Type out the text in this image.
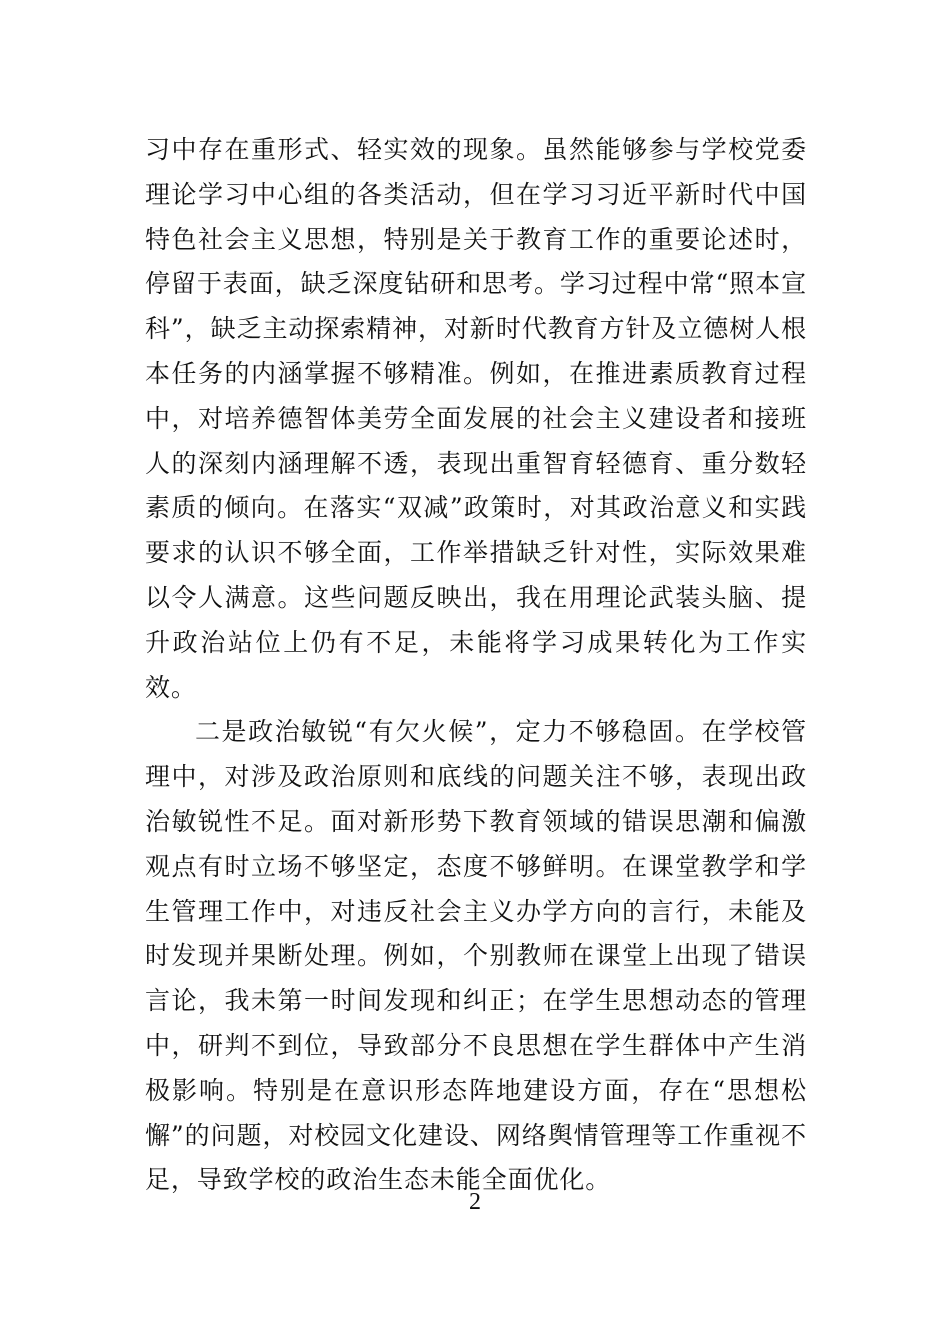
习中存在重形式、轻实效的现象。虽然能够参与学校党委理论学习中心组的各类活动，但在学习习近平新时代中国特色社会主义思想，特别是关于教育工作的重要论述时，停留于表面，缺乏深度钻研和思考。学习过程中常“照本宣科”，缺乏主动探索精神，对新时代教育方针及立德树人根本任务的内涵掌握不够精准。例如，在推进素质教育过程中，对培养德智体美劳全面发展的社会主义建设者和接班人的深刻内涵理解不透，表现出重智育轻德育、重分数轻素质的倾向。在落实“双减”政策时，对其政治意义和实践要求的认识不够全面，工作举措缺乏针对性，实际效果难以令人满意。这些问题反映出，我在用理论武装头脑、提升政治站位上仍有不足，未能将学习成果转化为工作实效。

二是政治敏锐“有欠火候”，定力不够稳固。在学校管理中，对涉及政治原则和底线的问题关注不够，表现出政治敏锐性不足。面对新形势下教育领域的错误思潮和偏激观点有时立场不够坚定，态度不够鲜明。在课堂教学和学生管理工作中，对违反社会主义办学方向的言行，未能及时发现并果断处理。例如，个别教师在课堂上出现了错误言论，我未第一时间发现和纠正；在学生思想动态的管理中，研判不到位，导致部分不良思想在学生群体中产生消极影响。特别是在意识形态阵地建设方面，存在“思想松懈”的问题，对校园文化建设、网络舆情管理等工作重视不足，导致学校的政治生态未能全面优化。

2
